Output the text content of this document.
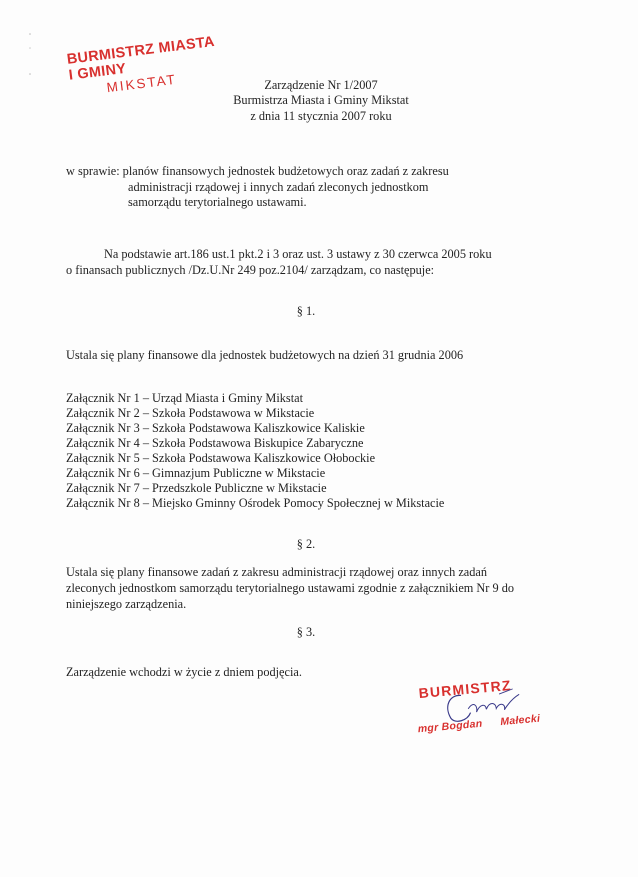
BURMISTRZ MIASTA I GMINY
MIKSTAT	Zarządzenie Nr 1/2007
Burmistrza Miasta i Gminy Mikstat
z dnia 11 stycznia 2007 roku
w sprawie: planów finansowych jednostek budżetowych oraz zadań z zakresu
administracji rządowej i innych zadań zleconych jednostkom
samorządu terytorialnego ustawami.
Na podstawie art.186 ust.1 pkt.2 i 3 oraz ust. 3 ustawy z 30 czerwca 2005 roku
o finansach publicznych /Dz.U.Nr 249 poz.2104/ zarządzam, co następuje:
§ 1.
Ustala się plany finansowe dla jednostek budżetowych na dzień 31 grudnia 2006
Załącznik Nr 1 – Urząd Miasta i Gminy Mikstat
Załącznik Nr 2 – Szkoła Podstawowa w Mikstacie
Załącznik Nr 3 – Szkoła Podstawowa Kaliszkowice Kaliskie
Załącznik Nr 4 – Szkoła Podstawowa Biskupice Zabaryczne
Załącznik Nr 5 – Szkoła Podstawowa Kaliszkowice Ołobockie
Załącznik Nr 6 – Gimnazjum Publiczne w Mikstacie
Załącznik Nr 7 – Przedszkole Publiczne w Mikstacie
Załącznik Nr 8 – Miejsko Gminny Ośrodek Pomocy Społecznej w Mikstacie
§ 2.
Ustala się plany finansowe zadań z zakresu administracji rządowej oraz innych zadań
zleconych jednostkom samorządu terytorialnego ustawami zgodnie z załącznikiem Nr 9 do
niniejszego zarządzenia.
§ 3.
Zarządzenie wchodzi w życie z dniem podjęcia.
BURMISTRZ
mgr Bogdan Małecki
